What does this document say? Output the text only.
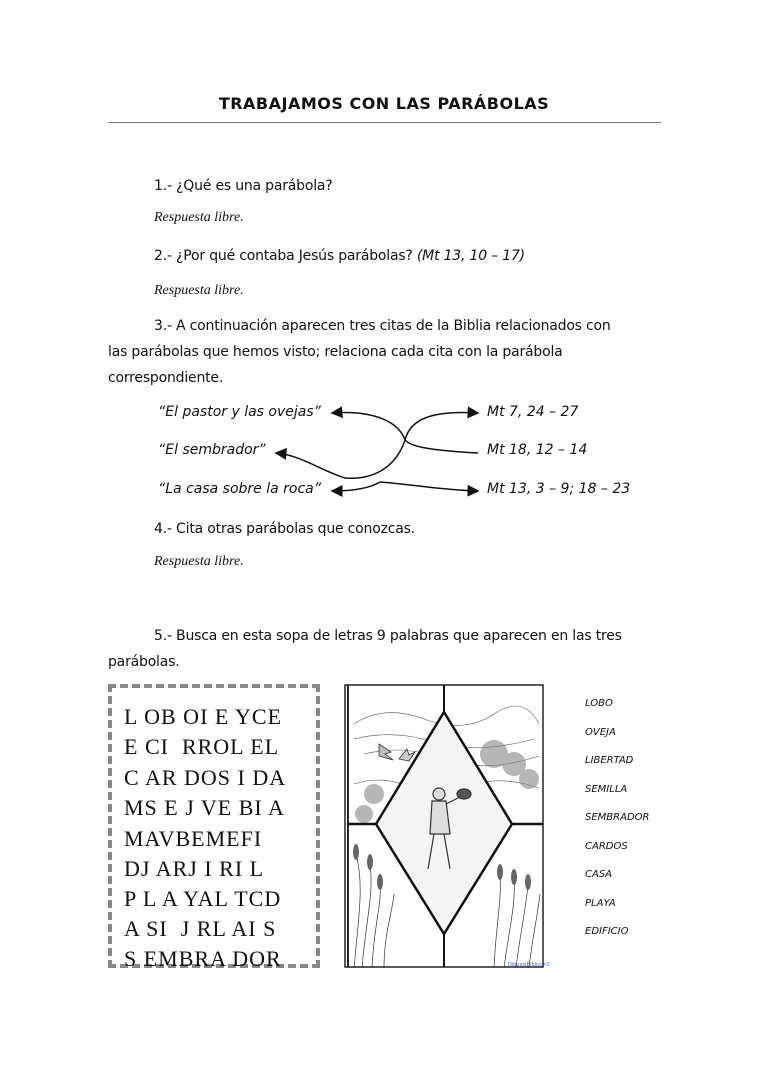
TRABAJAMOS CON LAS PARÁBOLAS
1.- ¿Qué es una parábola?
Respuesta libre.
2.- ¿Por qué contaba Jesús parábolas? (Mt 13, 10 – 17)
Respuesta libre.
3.- A continuación aparecen tres citas de la Biblia relacionados con
las parábolas que hemos visto; relaciona cada cita con la parábola
correspondiente.
“El pastor y las ovejas”
“El sembrador”
“La casa sobre la roca”
Mt 7, 24 – 27
Mt 18, 12 – 14
Mt 13, 3 – 9; 18 – 23
4.- Cita otras parábolas que conozcas.
Respuesta libre.
5.- Busca en esta sopa de letras 9 palabras que aparecen en las tres
parábolas.
L OB OI E YCE
E CI  RROL EL
C AR DOS I DA
MS E J VE BI A
MAVBEMEFI
DJ ARJ I RI L
P L A YAL TCD
A SI  J RL AI S
S EMBRA DOR	DibujosBiblicos©
LOBO
OVEJA
LIBERTAD
SEMILLA
SEMBRADOR
CARDOS
CASA
PLAYA
EDIFICIO
